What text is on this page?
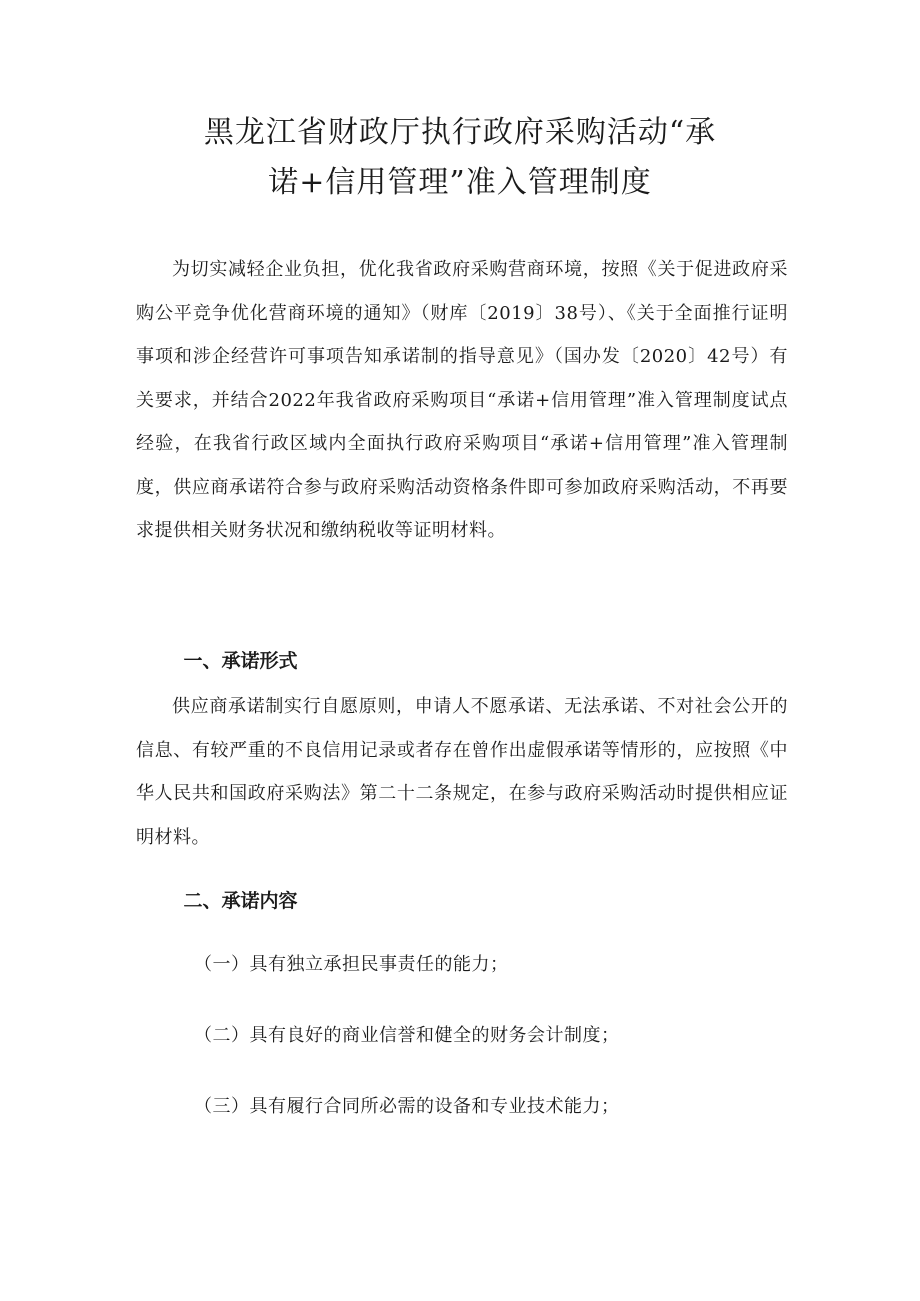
黑龙江省财政厅执行政府采购活动“承
诺+信用管理”准入管理制度

为切实减轻企业负担，优化我省政府采购营商环境，按照《关于促进政府采购公平竞争优化营商环境的通知》（财库〔2019〕38号）、《关于全面推行证明事项和涉企经营许可事项告知承诺制的指导意见》（国办发〔2020〕42号）有关要求，并结合2022年我省政府采购项目“承诺+信用管理”准入管理制度试点经验，在我省行政区域内全面执行政府采购项目“承诺+信用管理”准入管理制度，供应商承诺符合参与政府采购活动资格条件即可参加政府采购活动，不再要求提供相关财务状况和缴纳税收等证明材料。

一、承诺形式

供应商承诺制实行自愿原则，申请人不愿承诺、无法承诺、不对社会公开的信息、有较严重的不良信用记录或者存在曾作出虚假承诺等情形的，应按照《中华人民共和国政府采购法》第二十二条规定，在参与政府采购活动时提供相应证明材料。

二、承诺内容

（一）具有独立承担民事责任的能力；

（二）具有良好的商业信誉和健全的财务会计制度；

（三）具有履行合同所必需的设备和专业技术能力；
